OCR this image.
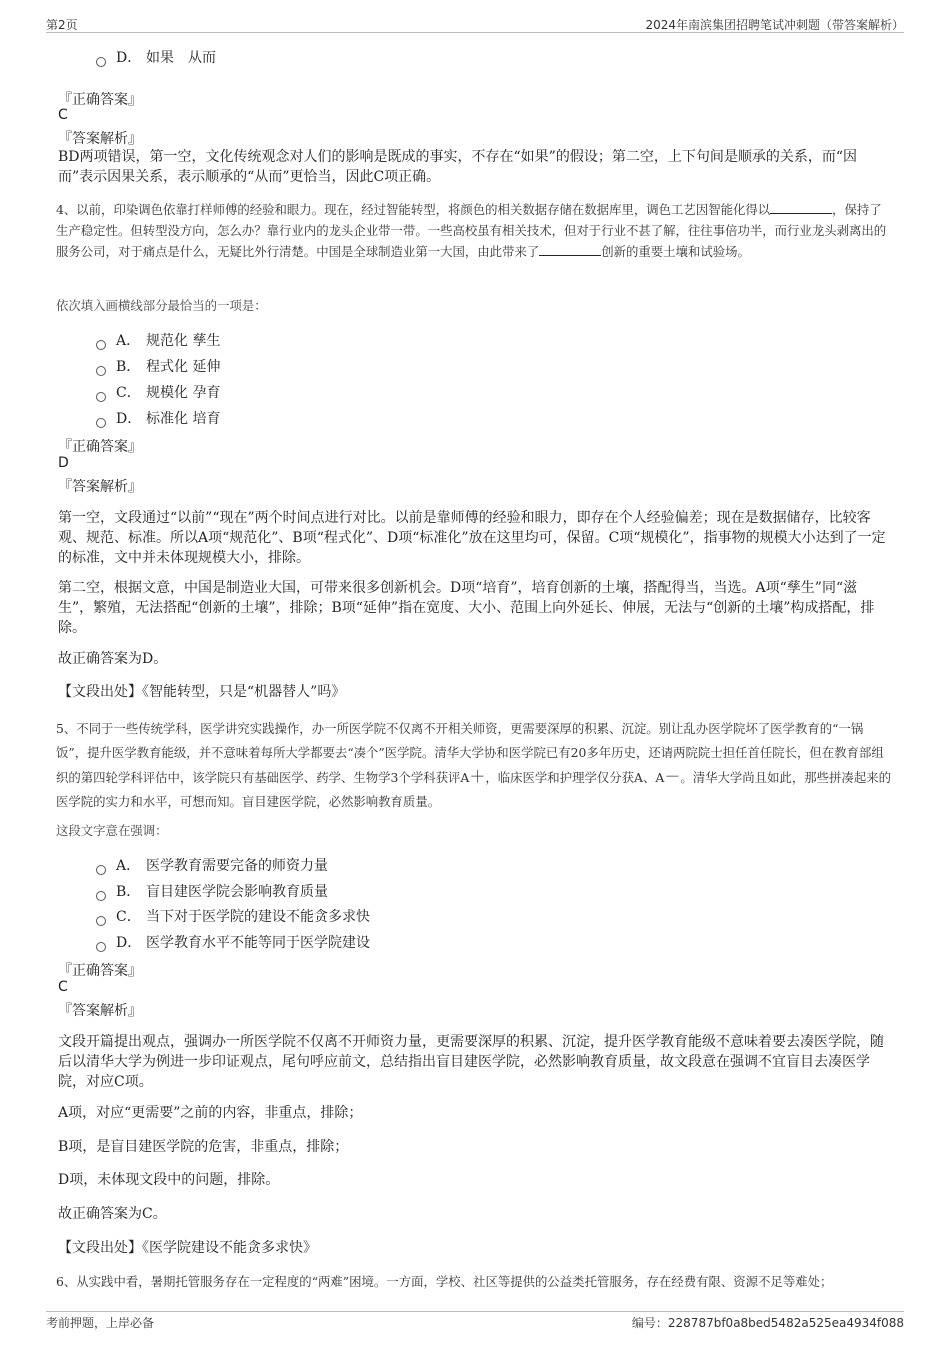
第2页	2024年南滨集团招聘笔试冲刺题（带答案解析）
D． 如果　从而
『正确答案』
C
『答案解析』
BD两项错误，第一空，文化传统观念对人们的影响是既成的事实，不存在“如果”的假设；第二空，上下句间是顺承的关系，而“因而”表示因果关系，表示顺承的“从而”更恰当，因此C项正确。
4、以前，印染调色依靠打样师傅的经验和眼力。现在，经过智能转型，将颜色的相关数据存储在数据库里，调色工艺因智能化得以	，保持了生产稳定性。但转型没方向，怎么办？靠行业内的龙头企业带一带。一些高校虽有相关技术，但对于行业不甚了解，往往事倍功半，而行业龙头剥离出的服务公司，对于痛点是什么，无疑比外行清楚。中国是全球制造业第一大国，由此带来了	创新的重要土壤和试验场。
依次填入画横线部分最恰当的一项是：
A． 规范化 孳生
B． 程式化 延伸
C． 规模化 孕育
D． 标准化 培育
『正确答案』
D
『答案解析』
第一空，文段通过“以前”“现在”两个时间点进行对比。以前是靠师傅的经验和眼力，即存在个人经验偏差；现在是数据储存，比较客观、规范、标准。所以A项“规范化”、B项“程式化”、D项“标准化”放在这里均可，保留。C项“规模化”，指事物的规模大小达到了一定的标准，文中并未体现规模大小，排除。
第二空，根据文意，中国是制造业大国，可带来很多创新机会。D项“培育”，培育创新的土壤，搭配得当，当选。A项“孳生”同“滋生”，繁殖，无法搭配“创新的土壤”，排除；B项“延伸”指在宽度、大小、范围上向外延长、伸展，无法与“创新的土壤”构成搭配，排除。
故正确答案为D。
【文段出处】《智能转型，只是“机器替人”吗》
5、不同于一些传统学科，医学讲究实践操作，办一所医学院不仅离不开相关师资，更需要深厚的积累、沉淀。别让乱办医学院坏了医学教育的“一锅饭”，提升医学教育能级，并不意味着每所大学都要去“凑个”医学院。清华大学协和医学院已有20多年历史，还请两院院士担任首任院长，但在教育部组织的第四轮学科评估中，该学院只有基础医学、药学、生物学3个学科获评A＋，临床医学和护理学仅分获A、A－。清华大学尚且如此，那些拼凑起来的医学院的实力和水平，可想而知。盲目建医学院，必然影响教育质量。
这段文字意在强调：
A． 医学教育需要完备的师资力量
B． 盲目建医学院会影响教育质量
C． 当下对于医学院的建设不能贪多求快
D． 医学教育水平不能等同于医学院建设
『正确答案』
C
『答案解析』
文段开篇提出观点，强调办一所医学院不仅离不开师资力量，更需要深厚的积累、沉淀，提升医学教育能级不意味着要去凑医学院，随后以清华大学为例进一步印证观点，尾句呼应前文，总结指出盲目建医学院，必然影响教育质量，故文段意在强调不宜盲目去凑医学院，对应C项。
A项，对应“更需要”之前的内容，非重点，排除；
B项，是盲目建医学院的危害，非重点，排除；
D项，未体现文段中的问题，排除。
故正确答案为C。
【文段出处】《医学院建设不能贪多求快》
6、从实践中看，暑期托管服务存在一定程度的“两难”困境。一方面，学校、社区等提供的公益类托管服务，存在经费有限、资源不足等难处；
考前押题，上岸必备	编号：228787bf0a8bed5482a525ea4934f088
